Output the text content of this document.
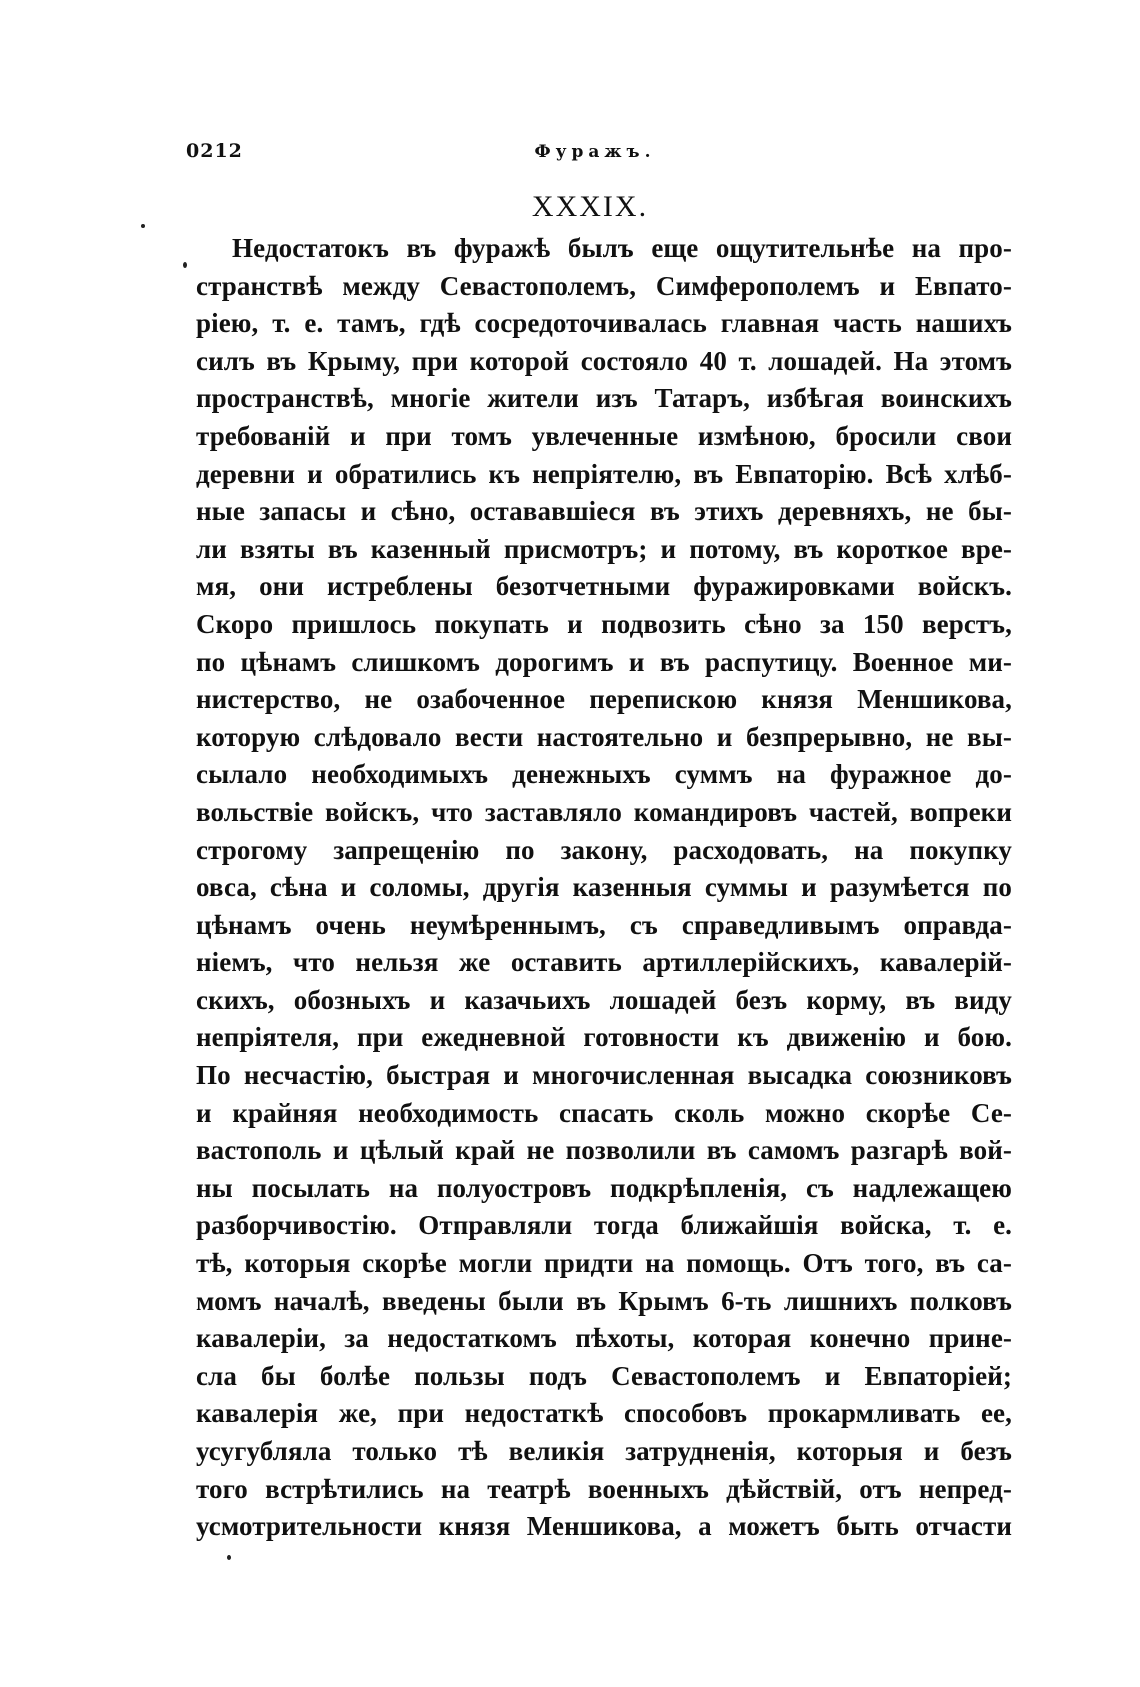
0212	Фуражъ.
XXXIX.
Недостатокъ въ фуражѣ былъ еще ощутительнѣе на про-
странствѣ между Севастополемъ, Симферополемъ и Евпато-
ріею, т. е. тамъ, гдѣ сосредоточивалась главная часть нашихъ
силъ въ Крыму, при которой состояло 40 т. лошадей. На этомъ
пространствѣ, многіе жители изъ Татаръ, избѣгая воинскихъ
требованій и при томъ увлеченные измѣною, бросили свои
деревни и обратились къ непріятелю, въ Евпаторію. Всѣ хлѣб-
ные запасы и сѣно, остававшіеся въ этихъ деревняхъ, не бы-
ли взяты въ казенный присмотръ; и потому, въ короткое вре-
мя, они истреблены безотчетными фуражировками войскъ.
Скоро пришлось покупать и подвозить сѣно за 150 верстъ,
по цѣнамъ слишкомъ дорогимъ и въ распутицу. Военное ми-
нистерство, не озабоченное перепискою князя Меншикова,
которую слѣдовало вести настоятельно и безпрерывно, не вы-
сылало необходимыхъ денежныхъ суммъ на фуражное до-
вольствіе войскъ, что заставляло командировъ частей, вопреки
строгому запрещенію по закону, расходовать, на покупку
овса, сѣна и соломы, другія казенныя суммы и разумѣется по
цѣнамъ очень неумѣреннымъ, съ справедливымъ оправда-
ніемъ, что нельзя же оставить артиллерійскихъ, кавалерій-
скихъ, обозныхъ и казачьихъ лошадей безъ корму, въ виду
непріятеля, при ежедневной готовности къ движенію и бою.
По несчастію, быстрая и многочисленная высадка союзниковъ
и крайняя необходимость спасать сколь можно скорѣе Се-
вастополь и цѣлый край не позволили въ самомъ разгарѣ вой-
ны посылать на полуостровъ подкрѣпленія, съ надлежащею
разборчивостію. Отправляли тогда ближайшія войска, т. е.
тѣ, которыя скорѣе могли придти на помощь. Отъ того, въ са-
момъ началѣ, введены были въ Крымъ 6-ть лишнихъ полковъ
кавалеріи, за недостаткомъ пѣхоты, которая конечно прине-
сла бы болѣе пользы подъ Севастополемъ и Евпаторіей;
кавалерія же, при недостаткѣ способовъ прокармливать ее,
усугубляла только тѣ великія затрудненія, которыя и безъ
того встрѣтились на театрѣ военныхъ дѣйствій, отъ непред-
усмотрительности князя Меншикова, а можетъ быть отчасти
